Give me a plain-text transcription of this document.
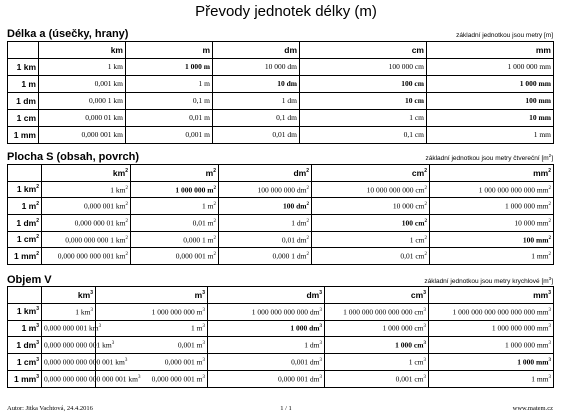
Převody jednotek délky (m)
Délka a (úsečky, hrany)	základní jednotkou jsou metry [m]
	km	m	dm	cm	mm
1 km	1 km	1 000 m	10 000 dm	100 000 cm	1 000 000 mm
1 m	0,001 km	1 m	10 dm	100 cm	1 000 mm
1 dm	0,000 1 km	0,1 m	1 dm	10 cm	100 mm
1 cm	0,000 01 km	0,01 m	0,1 dm	1 cm	10 mm
1 mm	0,000 001 km	0,001 m	0,01 dm	0,1 cm	1 mm
Plocha S (obsah, povrch)	základní jednotkou jsou metry čtvereční $[m^2]$
	$km^2$	$m^2$	$dm^2$	$cm^2$	$mm^2$
1 $km^2$	1 $km^2$	1 000 000 $m^2$	100 000 000 $dm^2$	10 000 000 000 $cm^2$	1 000 000 000 000 $mm^2$
1 $m^2$	0,000 001 $km^2$	1 $m^2$	100 $dm^2$	10 000 $cm^2$	1 000 000 $mm^2$
1 $dm^2$	0,000 000 01 $km^2$	0,01 $m^2$	1 $dm^2$	100 $cm^2$	10 000 $mm^2$
1 $cm^2$	0,000 000 000 1 $km^2$	0,000 1 $m^2$	0,01 $dm^2$	1 $cm^2$	100 $mm^2$
1 $mm^2$	0,000 000 000 001 $km^2$	0,000 001 $m^2$	0,000 1 $dm^2$	0,01 $cm^2$	1 $mm^2$
Objem V	základní jednotkou jsou metry krychlové $[m^3]$
	$km^3$	$m^3$	$dm^3$	$cm^3$	$mm^3$
1 $km^3$	1 $km^3$	1 000 000 000 $m^3$	1 000 000 000 000 $dm^3$	1 000 000 000 000 000 $cm^3$	1 000 000 000 000 000 000 $mm^3$
1 $m^3$	0,000 000 001 $km^3$	1 $m^3$	1 000 $dm^3$	1 000 000 $cm^3$	1 000 000 000 $mm^3$
1 $dm^3$	0,000 000 000 001 $km^3$	0,001 $m^3$	1 $dm^3$	1 000 $cm^3$	1 000 000 $mm^3$
1 $cm^3$	0,000 000 000 000 001 $km^3$	0,000 001 $m^3$	0,001 $dm^3$	1 $cm^3$	1 000 $mm^3$
1 $mm^3$	0,000 000 000 000 000 001 $km^3$	0,000 000 001 $m^3$	0,000 001 $dm^3$	0,001 $cm^3$	1 $mm^3$
Autor: Jitka Vachtová, 24.4.2016	1 / 1	www.matem.cz
